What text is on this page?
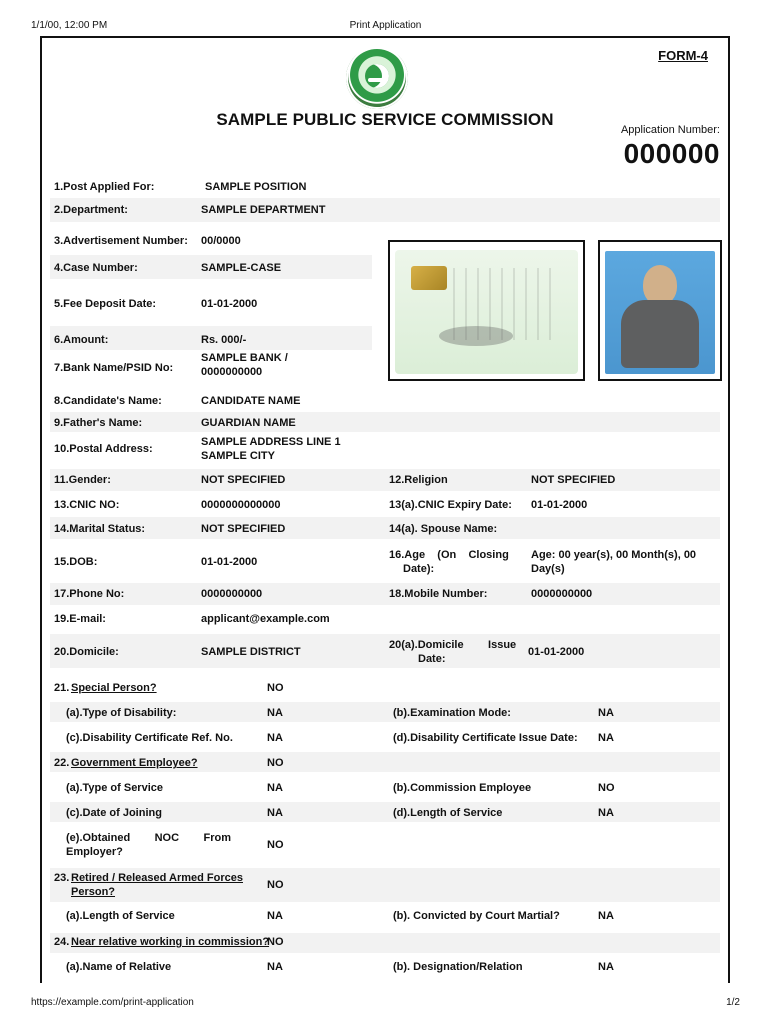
1/1/00, 12:00 PM	Print Application
FORM-4
SAMPLE PUBLIC SERVICE COMMISSION
Application Number:
000000
1.Post Applied For:	SAMPLE POSITION
2.Department:	SAMPLE DEPARTMENT
3.Advertisement Number: 00/0000
4.Case Number:	SAMPLE-CASE
5.Fee Deposit Date:	01-01-2000
6.Amount:	Rs. 000/-
7.Bank Name/PSID No:
SAMPLE BANK /
0000000000
8.Candidate's Name:	CANDIDATE NAME
9.Father's Name:	GUARDIAN NAME
10.Postal Address:
SAMPLE ADDRESS LINE 1
SAMPLE CITY
11.Gender:	NOT SPECIFIED	12.Religion	NOT SPECIFIED
13.CNIC NO:	0000000000000	13(a).CNIC Expiry Date: 01-01-2000
14.Marital Status:	NOT SPECIFIED	14(a). Spouse Name:
15.DOB:	01-01-2000
16.Age    (On    Closing
Date):
Age: 00 year(s), 00 Month(s), 00
Day(s)
17.Phone No:	0000000000	18.Mobile Number:	0000000000
19.E-mail:	applicant@example.com
20.Domicile:	SAMPLE DISTRICT
20(a).Domicile        Issue
Date:
01-01-2000
21. Special Person?	NO
(a).Type of Disability:	NA	(b).Examination Mode:	NA
(c).Disability Certificate Ref. No.	NA	(d).Disability Certificate Issue Date: NA
22. Government Employee?	NO
(a).Type of Service	NA	(b).Commission Employee	NO
(c).Date of Joining	NA	(d).Length of Service	NA
(e).Obtained        NOC        From
Employer?
NO
23. Retired / Released Armed Forces
Person?
NO
(a).Length of Service	NA	(b). Convicted by Court Martial?	NA
24. Near relative working in commission?
NO
(a).Name of Relative	NA	(b). Designation/Relation	NA
https://example.com/print-application	1/2
